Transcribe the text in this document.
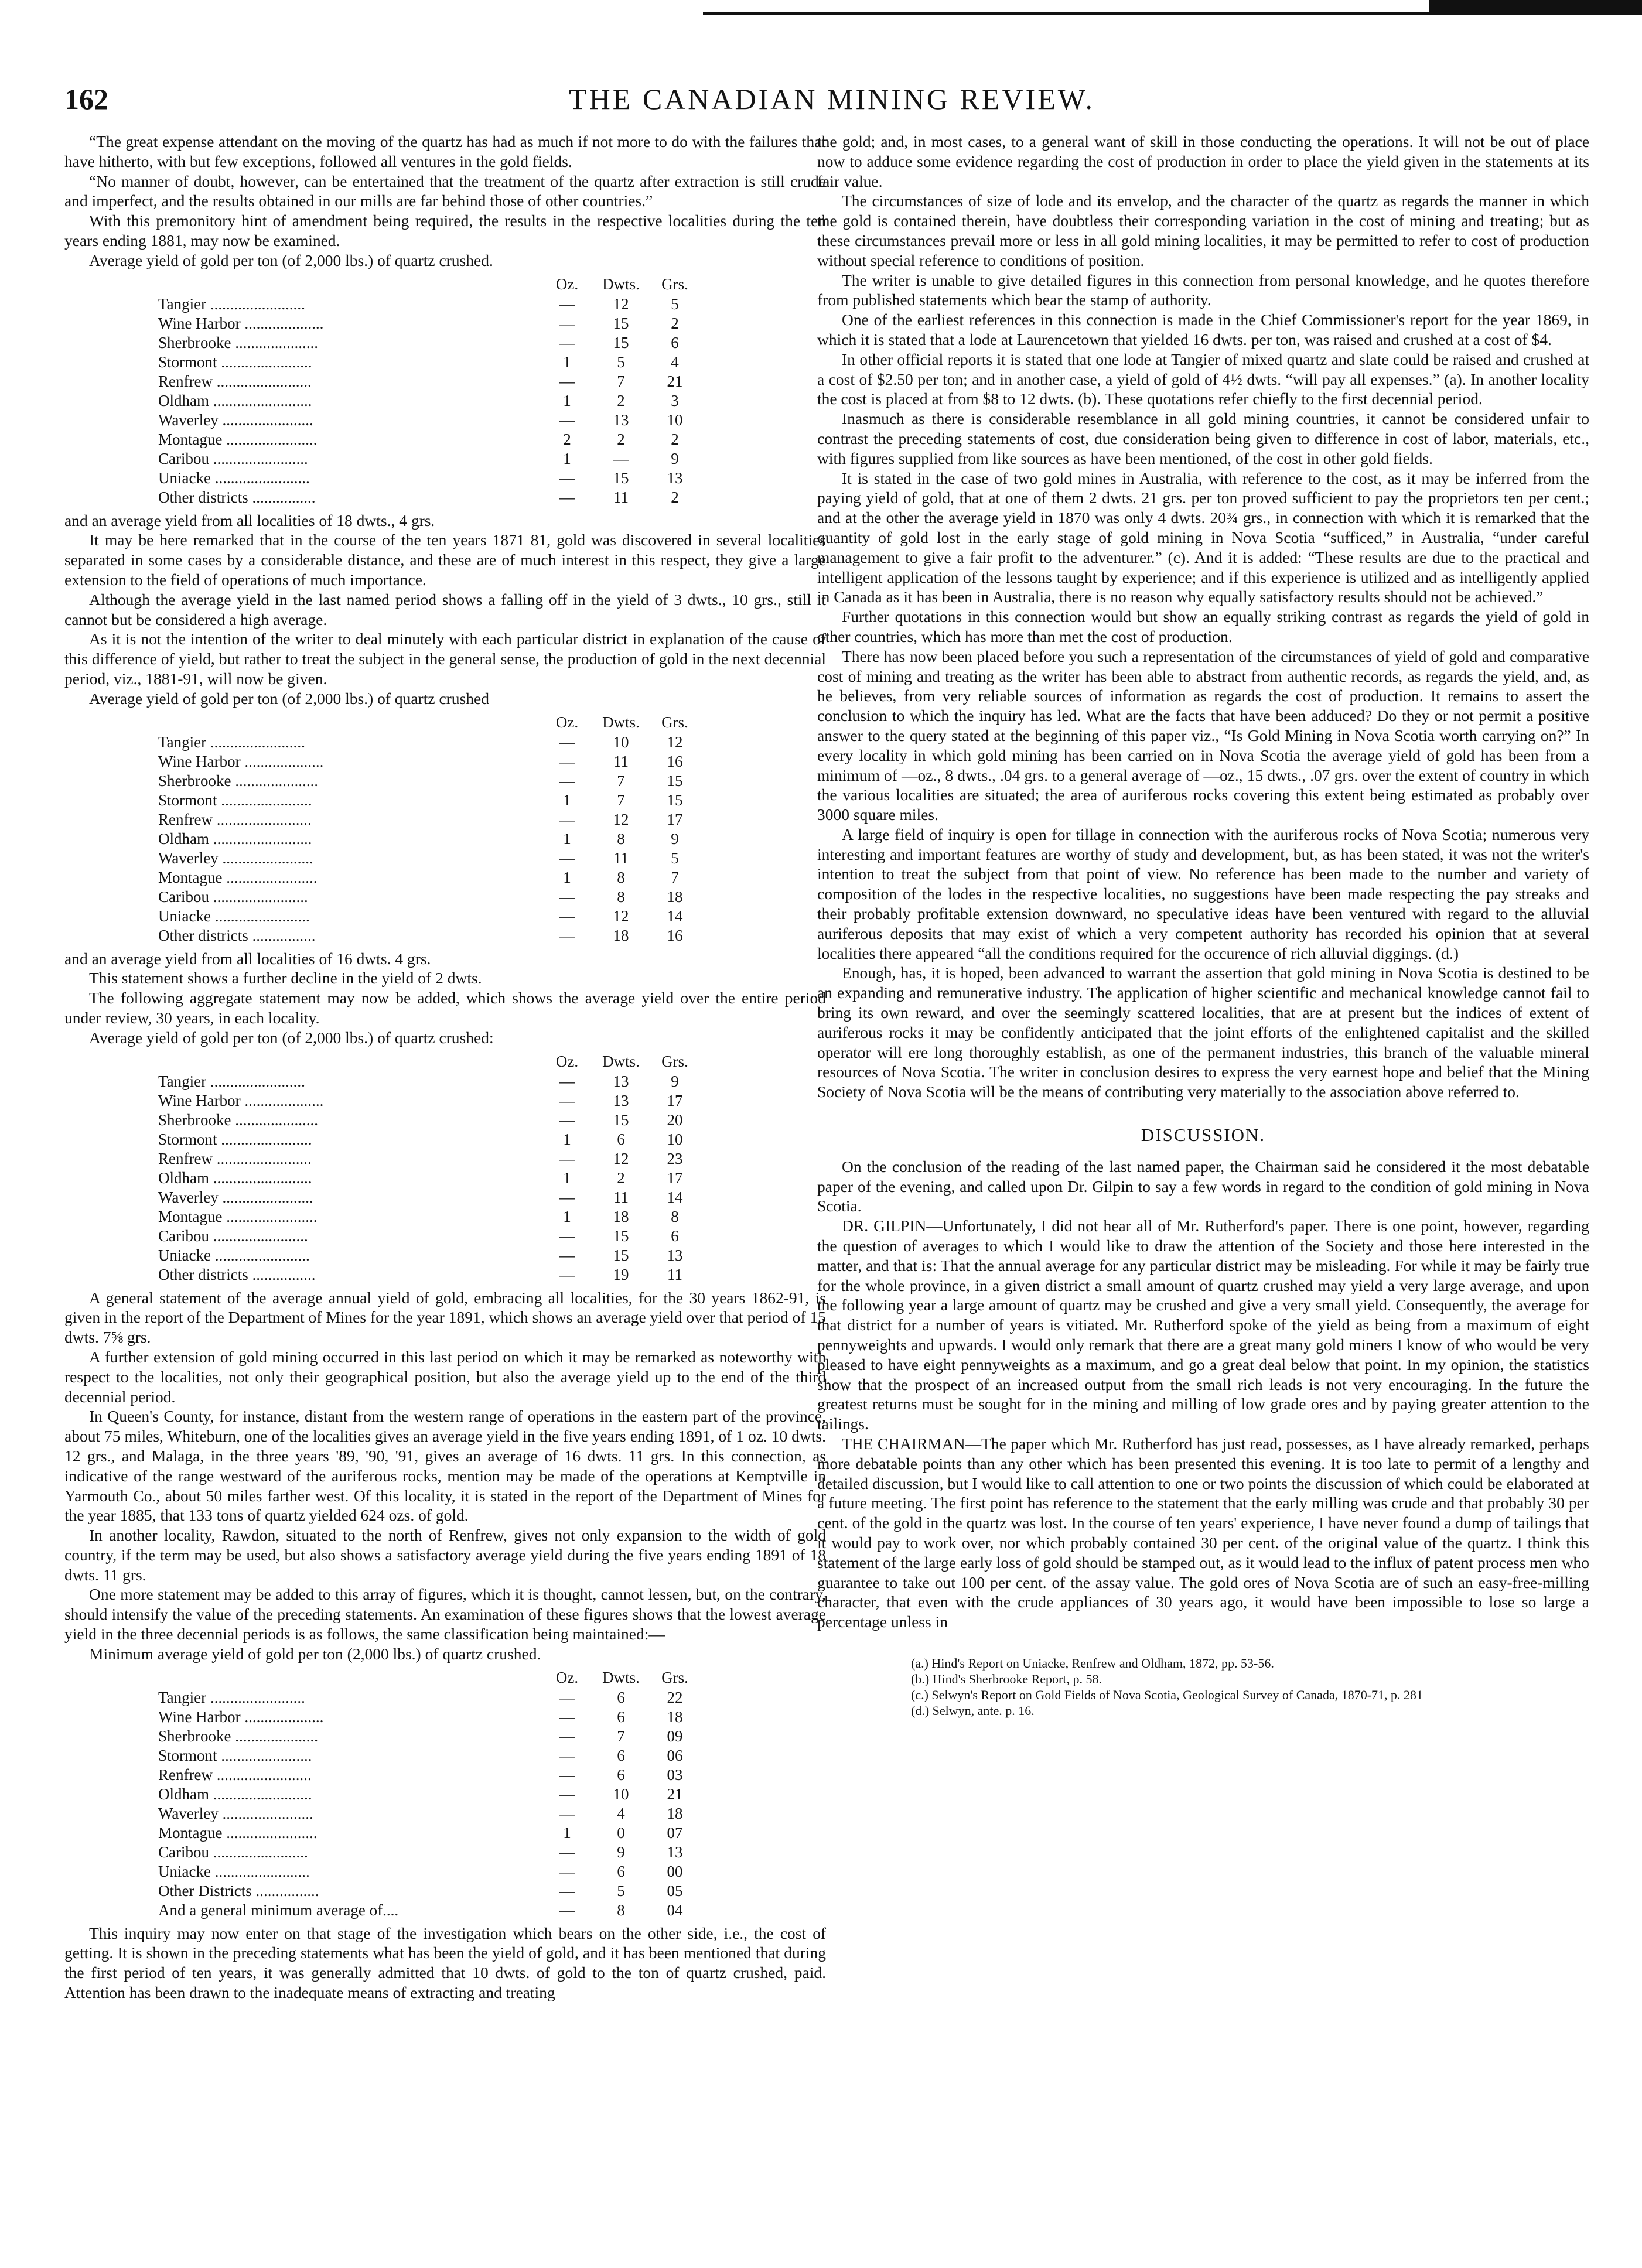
162	THE CANADIAN MINING REVIEW.

“The great expense attendant on the moving of the quartz has had as much if not more to do with the failures that have hitherto, with but few exceptions, followed all ventures in the gold fields.

“No manner of doubt, however, can be entertained that the treatment of the quartz after extraction is still crude and imperfect, and the results obtained in our mills are far behind those of other countries.”

With this premonitory hint of amendment being required, the results in the respective localities during the ten years ending 1881, may now be examined.

Average yield of gold per ton (of 2,000 lbs.) of quartz crushed.

	Oz.	Dwts.	Grs.
Tangier ........................	—	12	5
Wine Harbor ....................	—	15	2
Sherbrooke .....................	—	15	6
Stormont .......................	1	5	4
Renfrew ........................	—	7	21
Oldham .........................	1	2	3
Waverley .......................	—	13	10
Montague .......................	2	2	2
Caribou ........................	1	—	9
Uniacke ........................	—	15	13
Other districts ................	—	11	2

and an average yield from all localities of 18 dwts., 4 grs.

It may be here remarked that in the course of the ten years 1871 81, gold was discovered in several localities separated in some cases by a considerable distance, and these are of much interest in this respect, they give a large extension to the field of operations of much importance.

Although the average yield in the last named period shows a falling off in the yield of 3 dwts., 10 grs., still it cannot but be considered a high average.

As it is not the intention of the writer to deal minutely with each particular district in explanation of the cause of this difference of yield, but rather to treat the subject in the general sense, the production of gold in the next decennial period, viz., 1881-91, will now be given.

Average yield of gold per ton (of 2,000 lbs.) of quartz crushed

	Oz.	Dwts.	Grs.
Tangier ........................	—	10	12
Wine Harbor ....................	—	11	16
Sherbrooke .....................	—	7	15
Stormont .......................	1	7	15
Renfrew ........................	—	12	17
Oldham .........................	1	8	9
Waverley .......................	—	11	5
Montague .......................	1	8	7
Caribou ........................	—	8	18
Uniacke ........................	—	12	14
Other districts ................	—	18	16

and an average yield from all localities of 16 dwts. 4 grs.

This statement shows a further decline in the yield of 2 dwts.

The following aggregate statement may now be added, which shows the average yield over the entire period under review, 30 years, in each locality.

Average yield of gold per ton (of 2,000 lbs.) of quartz crushed:

	Oz.	Dwts.	Grs.
Tangier ........................	—	13	9
Wine Harbor ....................	—	13	17
Sherbrooke .....................	—	15	20
Stormont .......................	1	6	10
Renfrew ........................	—	12	23
Oldham .........................	1	2	17
Waverley .......................	—	11	14
Montague .......................	1	18	8
Caribou ........................	—	15	6
Uniacke ........................	—	15	13
Other districts ................	—	19	11

A general statement of the average annual yield of gold, embracing all localities, for the 30 years 1862-91, is given in the report of the Department of Mines for the year 1891, which shows an average yield over that period of 15 dwts. 7⅝ grs.

A further extension of gold mining occurred in this last period on which it may be remarked as noteworthy with respect to the localities, not only their geographical position, but also the average yield up to the end of the third decennial period.

In Queen's County, for instance, distant from the western range of operations in the eastern part of the province, about 75 miles, Whiteburn, one of the localities gives an average yield in the five years ending 1891, of 1 oz. 10 dwts. 12 grs., and Malaga, in the three years '89, '90, '91, gives an average of 16 dwts. 11 grs. In this connection, as indicative of the range westward of the auriferous rocks, mention may be made of the operations at Kemptville in Yarmouth Co., about 50 miles farther west. Of this locality, it is stated in the report of the Department of Mines for the year 1885, that 133 tons of quartz yielded 624 ozs. of gold.

In another locality, Rawdon, situated to the north of Renfrew, gives not only expansion to the width of gold country, if the term may be used, but also shows a satisfactory average yield during the five years ending 1891 of 18 dwts. 11 grs.

One more statement may be added to this array of figures, which it is thought, cannot lessen, but, on the contrary, should intensify the value of the preceding statements. An examination of these figures shows that the lowest average yield in the three decennial periods is as follows, the same classification being maintained:—

Minimum average yield of gold per ton (2,000 lbs.) of quartz crushed.

	Oz.	Dwts.	Grs.
Tangier ........................	—	6	22
Wine Harbor ....................	—	6	18
Sherbrooke .....................	—	7	09
Stormont .......................	—	6	06
Renfrew ........................	—	6	03
Oldham .........................	—	10	21
Waverley .......................	—	4	18
Montague .......................	1	0	07
Caribou ........................	—	9	13
Uniacke ........................	—	6	00
Other Districts ................	—	5	05
And a general minimum average of....	—	8	04

This inquiry may now enter on that stage of the investigation which bears on the other side, i.e., the cost of getting. It is shown in the preceding statements what has been the yield of gold, and it has been mentioned that during the first period of ten years, it was generally admitted that 10 dwts. of gold to the ton of quartz crushed, paid. Attention has been drawn to the inadequate means of extracting and treating

the gold; and, in most cases, to a general want of skill in those conducting the operations. It will not be out of place now to adduce some evidence regarding the cost of production in order to place the yield given in the statements at its fair value.

The circumstances of size of lode and its envelop, and the character of the quartz as regards the manner in which the gold is contained therein, have doubtless their corresponding variation in the cost of mining and treating; but as these circumstances prevail more or less in all gold mining localities, it may be permitted to refer to cost of production without special reference to conditions of position.

The writer is unable to give detailed figures in this connection from personal knowledge, and he quotes therefore from published statements which bear the stamp of authority.

One of the earliest references in this connection is made in the Chief Commissioner's report for the year 1869, in which it is stated that a lode at Laurencetown that yielded 16 dwts. per ton, was raised and crushed at a cost of $4.

In other official reports it is stated that one lode at Tangier of mixed quartz and slate could be raised and crushed at a cost of $2.50 per ton; and in another case, a yield of gold of 4½ dwts. “will pay all expenses.” (a). In another locality the cost is placed at from $8 to 12 dwts. (b). These quotations refer chiefly to the first decennial period.

Inasmuch as there is considerable resemblance in all gold mining countries, it cannot be considered unfair to contrast the preceding statements of cost, due consideration being given to difference in cost of labor, materials, etc., with figures supplied from like sources as have been mentioned, of the cost in other gold fields.

It is stated in the case of two gold mines in Australia, with reference to the cost, as it may be inferred from the paying yield of gold, that at one of them 2 dwts. 21 grs. per ton proved sufficient to pay the proprietors ten per cent.; and at the other the average yield in 1870 was only 4 dwts. 20¾ grs., in connection with which it is remarked that the quantity of gold lost in the early stage of gold mining in Nova Scotia “sufficed,” in Australia, “under careful management to give a fair profit to the adventurer.” (c). And it is added: “These results are due to the practical and intelligent application of the lessons taught by experience; and if this experience is utilized and as intelligently applied in Canada as it has been in Australia, there is no reason why equally satisfactory results should not be achieved.”

Further quotations in this connection would but show an equally striking contrast as regards the yield of gold in other countries, which has more than met the cost of production.

There has now been placed before you such a representation of the circumstances of yield of gold and comparative cost of mining and treating as the writer has been able to abstract from authentic records, as regards the yield, and, as he believes, from very reliable sources of information as regards the cost of production. It remains to assert the conclusion to which the inquiry has led. What are the facts that have been adduced? Do they or not permit a positive answer to the query stated at the beginning of this paper viz., “Is Gold Mining in Nova Scotia worth carrying on?” In every locality in which gold mining has been carried on in Nova Scotia the average yield of gold has been from a minimum of —oz., 8 dwts., .04 grs. to a general average of —oz., 15 dwts., .07 grs. over the extent of country in which the various localities are situated; the area of auriferous rocks covering this extent being estimated as probably over 3000 square miles.

A large field of inquiry is open for tillage in connection with the auriferous rocks of Nova Scotia; numerous very interesting and important features are worthy of study and development, but, as has been stated, it was not the writer's intention to treat the subject from that point of view. No reference has been made to the number and variety of composition of the lodes in the respective localities, no suggestions have been made respecting the pay streaks and their probably profitable extension downward, no speculative ideas have been ventured with regard to the alluvial auriferous deposits that may exist of which a very competent authority has recorded his opinion that at several localities there appeared “all the conditions required for the occurence of rich alluvial diggings. (d.)

Enough, has, it is hoped, been advanced to warrant the assertion that gold mining in Nova Scotia is destined to be an expanding and remunerative industry. The application of higher scientific and mechanical knowledge cannot fail to bring its own reward, and over the seemingly scattered localities, that are at present but the indices of extent of auriferous rocks it may be confidently anticipated that the joint efforts of the enlightened capitalist and the skilled operator will ere long thoroughly establish, as one of the permanent industries, this branch of the valuable mineral resources of Nova Scotia. The writer in conclusion desires to express the very earnest hope and belief that the Mining Society of Nova Scotia will be the means of contributing very materially to the association above referred to.

DISCUSSION.

On the conclusion of the reading of the last named paper, the Chairman said he considered it the most debatable paper of the evening, and called upon Dr. Gilpin to say a few words in regard to the condition of gold mining in Nova Scotia.

DR. GILPIN—Unfortunately, I did not hear all of Mr. Rutherford's paper. There is one point, however, regarding the question of averages to which I would like to draw the attention of the Society and those here interested in the matter, and that is: That the annual average for any particular district may be misleading. For while it may be fairly true for the whole province, in a given district a small amount of quartz crushed may yield a very large average, and upon the following year a large amount of quartz may be crushed and give a very small yield. Consequently, the average for that district for a number of years is vitiated. Mr. Rutherford spoke of the yield as being from a maximum of eight pennyweights and upwards. I would only remark that there are a great many gold miners I know of who would be very pleased to have eight pennyweights as a maximum, and go a great deal below that point. In my opinion, the statistics show that the prospect of an increased output from the small rich leads is not very encouraging. In the future the greatest returns must be sought for in the mining and milling of low grade ores and by paying greater attention to the tailings.

THE CHAIRMAN—The paper which Mr. Rutherford has just read, possesses, as I have already remarked, perhaps more debatable points than any other which has been presented this evening. It is too late to permit of a lengthy and detailed discussion, but I would like to call attention to one or two points the discussion of which could be elaborated at a future meeting. The first point has reference to the statement that the early milling was crude and that probably 30 per cent. of the gold in the quartz was lost. In the course of ten years' experience, I have never found a dump of tailings that it would pay to work over, nor which probably contained 30 per cent. of the original value of the quartz. I think this statement of the large early loss of gold should be stamped out, as it would lead to the influx of patent process men who guarantee to take out 100 per cent. of the assay value. The gold ores of Nova Scotia are of such an easy-free-milling character, that even with the crude appliances of 30 years ago, it would have been impossible to lose so large a percentage unless in

(a.) Hind's Report on Uniacke, Renfrew and Oldham, 1872, pp. 53-56.
(b.) Hind's Sherbrooke Report, p. 58.
(c.) Selwyn's Report on Gold Fields of Nova Scotia, Geological Survey of Canada, 1870-71, p. 281
(d.) Selwyn, ante. p. 16.
